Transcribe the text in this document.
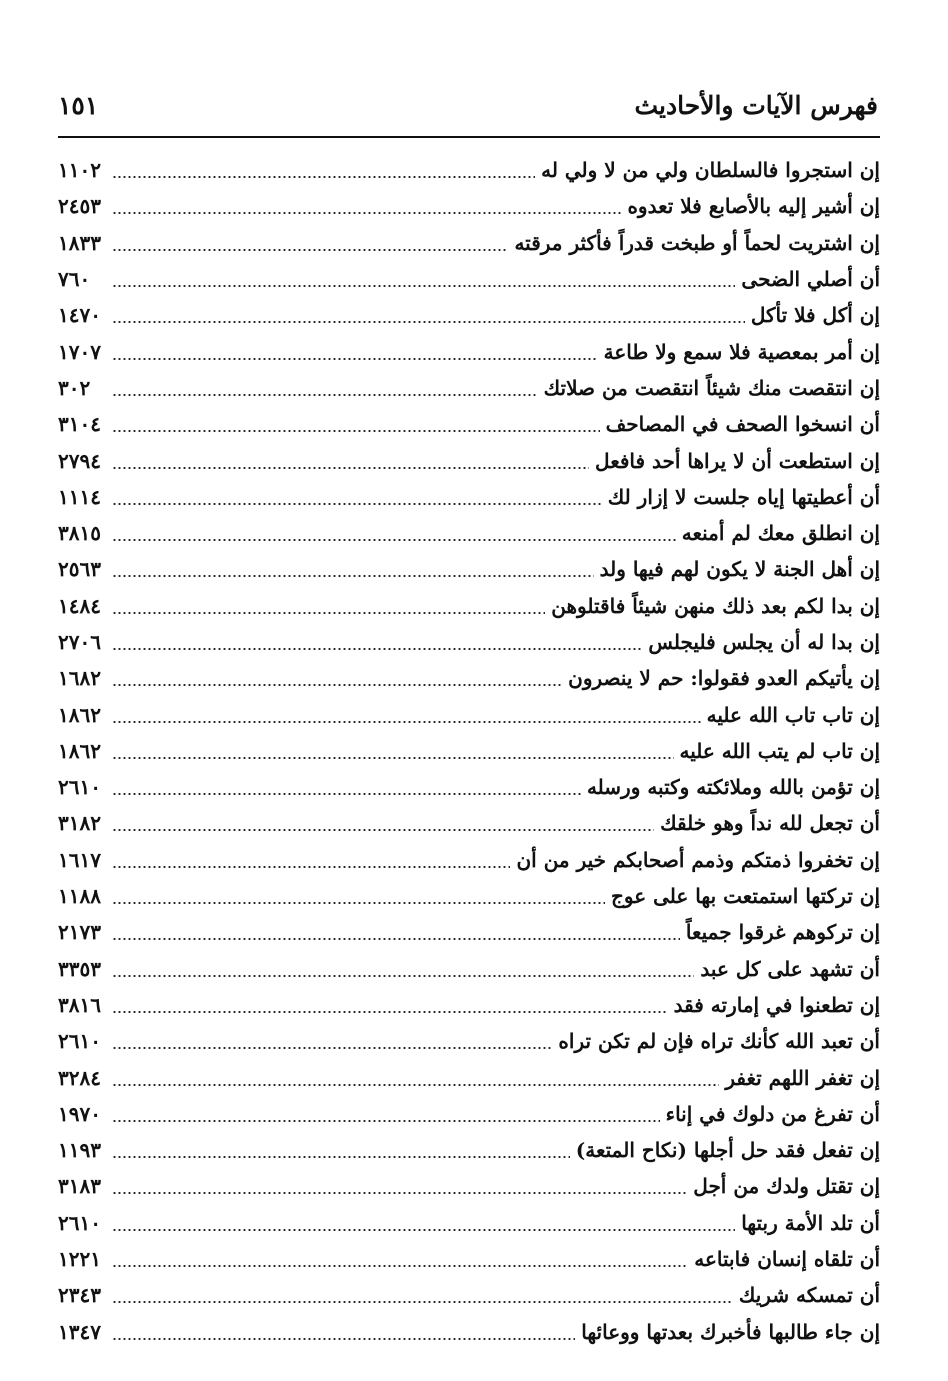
فهرس الآيات والأحاديث
١٥١
إن استجروا فالسلطان ولي من لا ولي له
١١٠٢
إن أشير إليه بالأصابع فلا تعدوه
٢٤٥٣
إن اشتريت لحماً أو طبخت قدراً فأكثر مرقته
١٨٣٣
أن أصلي الضحى
٧٦٠
إن أكل فلا تأكل
١٤٧٠
إن أمر بمعصية فلا سمع ولا طاعة
١٧٠٧
إن انتقصت منك شيئاً انتقصت من صلاتك
٣٠٢
أن انسخوا الصحف في المصاحف
٣١٠٤
إن استطعت أن لا يراها أحد فافعل
٢٧٩٤
أن أعطيتها إياه جلست لا إزار لك
١١١٤
إن انطلق معك لم أمنعه
٣٨١٥
إن أهل الجنة لا يكون لهم فيها ولد
٢٥٦٣
إن بدا لكم بعد ذلك منهن شيئاً فاقتلوهن
١٤٨٤
إن بدا له أن يجلس فليجلس
٢٧٠٦
إن يأتيكم العدو فقولوا: حم لا ينصرون
١٦٨٢
إن تاب تاب الله عليه
١٨٦٢
إن تاب لم يتب الله عليه
١٨٦٢
إن تؤمن بالله وملائكته وكتبه ورسله
٢٦١٠
أن تجعل لله نداً وهو خلقك
٣١٨٢
إن تخفروا ذمتكم وذمم أصحابكم خير من أن
١٦١٧
إن تركتها استمتعت بها على عوج
١١٨٨
إن تركوهم غرقوا جميعاً
٢١٧٣
أن تشهد على كل عبد
٣٣٥٣
إن تطعنوا في إمارته فقد
٣٨١٦
أن تعبد الله كأنك تراه فإن لم تكن تراه
٢٦١٠
إن تغفر اللهم تغفر
٣٢٨٤
أن تفرغ من دلوك في إناء
١٩٧٠
إن تفعل فقد حل أجلها (نكاح المتعة)
١١٩٣
إن تقتل ولدك من أجل
٣١٨٣
أن تلد الأمة ربتها
٢٦١٠
أن تلقاه إنسان فابتاعه
١٢٢١
أن تمسكه شريك
٢٣٤٣
إن جاء طالبها فأخبرك بعدتها ووعائها
١٣٤٧
